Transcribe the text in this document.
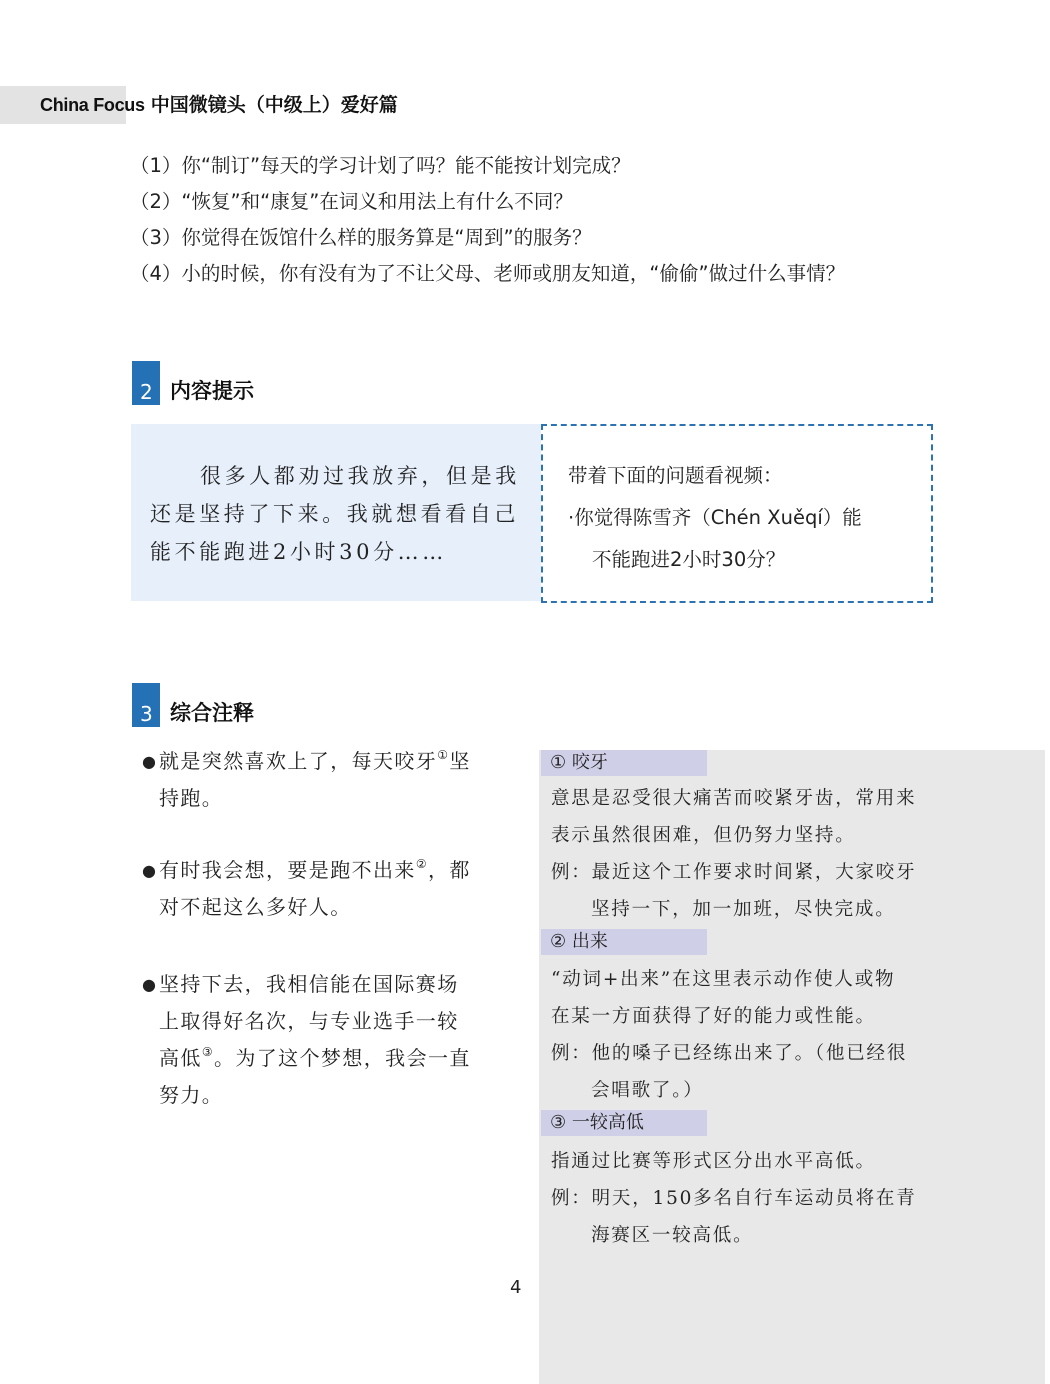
China Focus 中国微镜头（中级上）爱好篇
（1）你“制订”每天的学习计划了吗？能不能按计划完成？
（2）“恢复”和“康复”在词义和用法上有什么不同？
（3）你觉得在饭馆什么样的服务算是“周到”的服务？
（4）小的时候，你有没有为了不让父母、老师或朋友知道，“偷偷”做过什么事情？
2 内容提示
很多人都劝过我放弃，但是我还是坚持了下来。我就想看看自己能不能跑进2小时30分……
带着下面的问题看视频：
·你觉得陈雪齐（Chén Xuěqí）能
不能跑进2小时30分？
3 综合注释
● 就是突然喜欢上了，每天咬牙①坚
持跑。
● 有时我会想，要是跑不出来②，都
对不起这么多好人。
● 坚持下去，我相信能在国际赛场
上取得好名次，与专业选手一较
高低③。为了这个梦想，我会一直
努力。
① 咬牙
意思是忍受很大痛苦而咬紧牙齿，常用来
表示虽然很困难，但仍努力坚持。
例：最近这个工作要求时间紧，大家咬牙
坚持一下，加一加班，尽快完成。
② 出来
“动词+出来”在这里表示动作使人或物
在某一方面获得了好的能力或性能。
例：他的嗓子已经练出来了。（他已经很
会唱歌了。）
③ 一较高低
指通过比赛等形式区分出水平高低。
例：明天，150多名自行车运动员将在青
海赛区一较高低。
4
